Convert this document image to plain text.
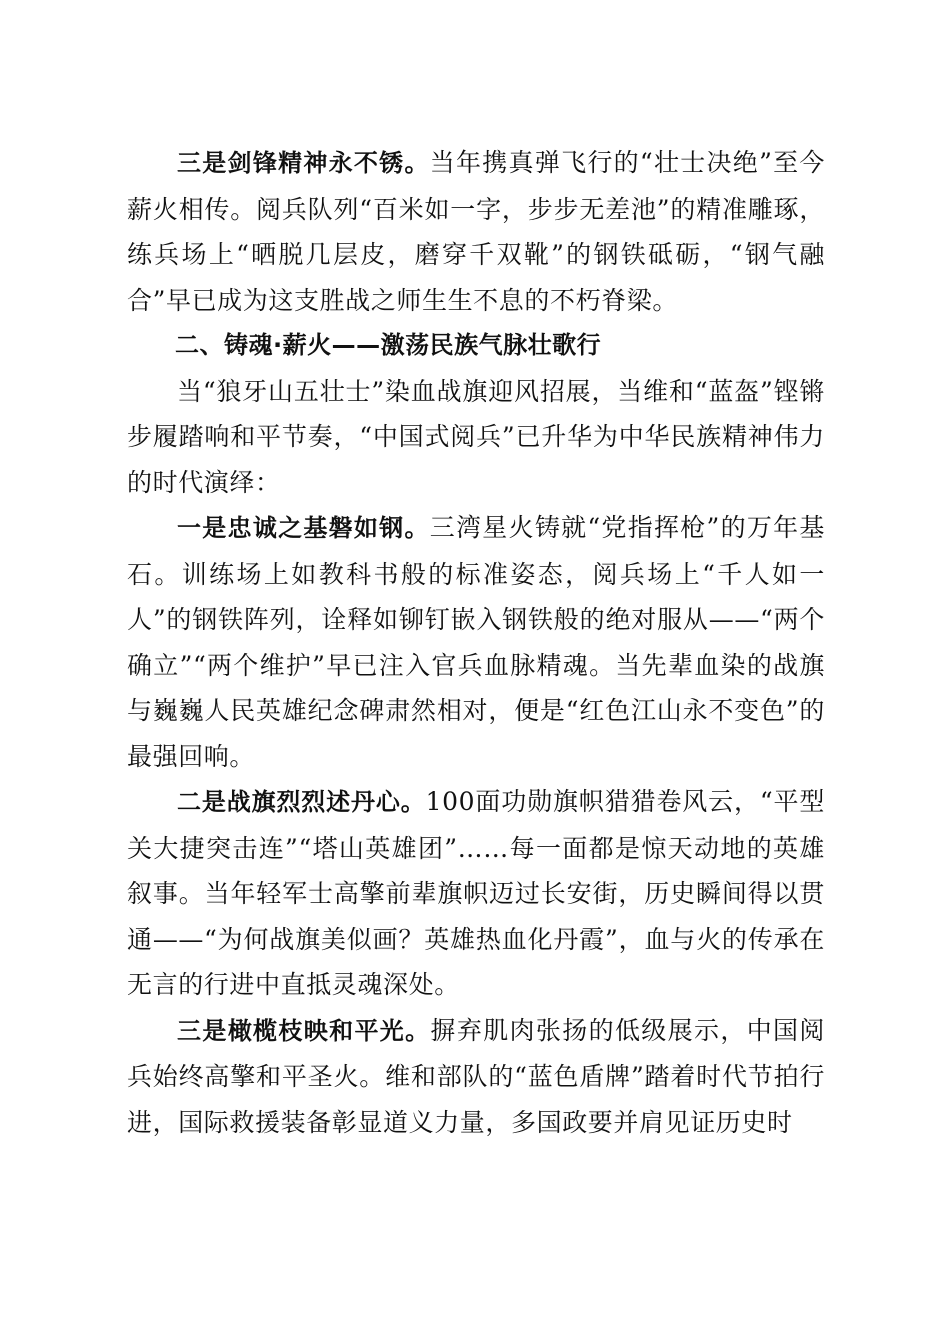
三是剑锋精神永不锈。当年携真弹飞行的“壮士决绝”至今薪火相传。阅兵队列“百米如一字，步步无差池”的精准雕琢，练兵场上“晒脱几层皮，磨穿千双靴”的钢铁砥砺，“钢气融合”早已成为这支胜战之师生生不息的不朽脊梁。

二、铸魂·薪火——激荡民族气脉壮歌行

当“狼牙山五壮士”染血战旗迎风招展，当维和“蓝盔”铿锵步履踏响和平节奏，“中国式阅兵”已升华为中华民族精神伟力的时代演绎：

一是忠诚之基磐如钢。三湾星火铸就“党指挥枪”的万年基石。训练场上如教科书般的标准姿态，阅兵场上“千人如一人”的钢铁阵列，诠释如铆钉嵌入钢铁般的绝对服从——“两个确立”“两个维护”早已注入官兵血脉精魂。当先辈血染的战旗与巍巍人民英雄纪念碑肃然相对，便是“红色江山永不变色”的最强回响。

二是战旗烈烈述丹心。100面功勋旗帜猎猎卷风云，“平型关大捷突击连”“塔山英雄团”……每一面都是惊天动地的英雄叙事。当年轻军士高擎前辈旗帜迈过长安街，历史瞬间得以贯通——“为何战旗美似画？英雄热血化丹霞”，血与火的传承在无言的行进中直抵灵魂深处。

三是橄榄枝映和平光。摒弃肌肉张扬的低级展示，中国阅兵始终高擎和平圣火。维和部队的“蓝色盾牌”踏着时代节拍行进，国际救援装备彰显道义力量，多国政要并肩见证历史时
